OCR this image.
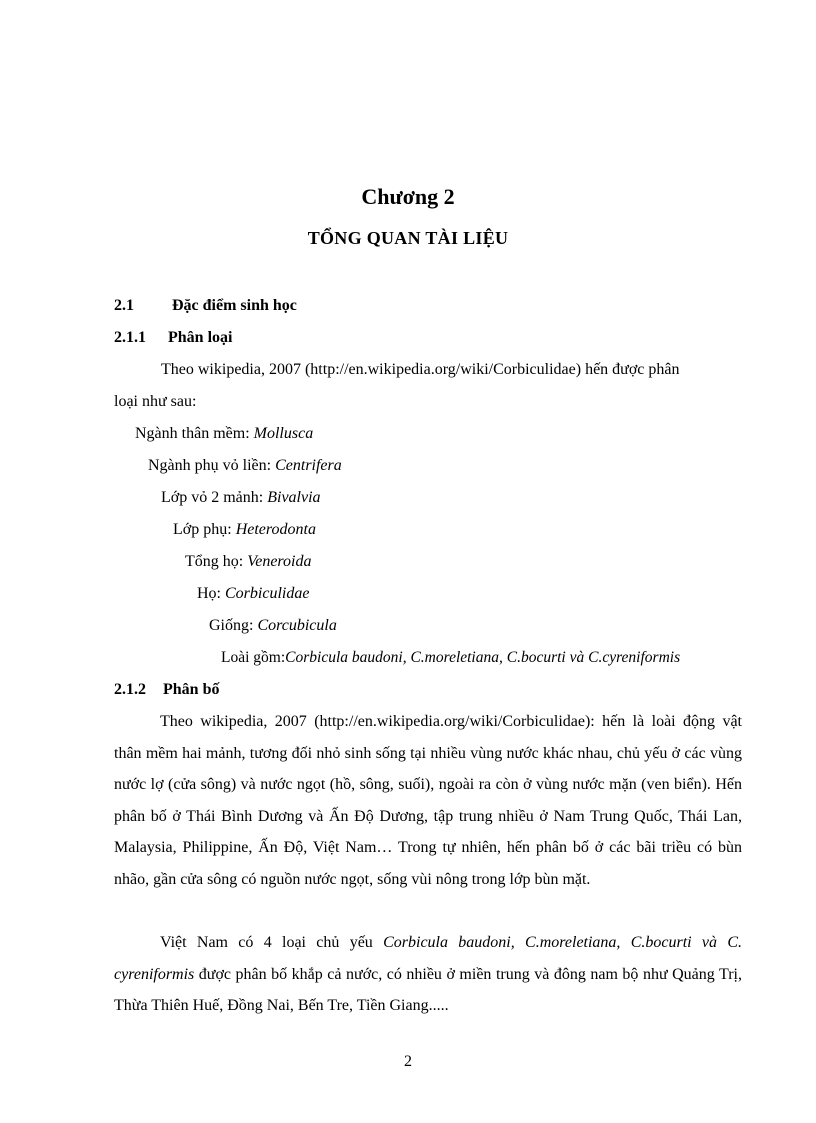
Chương 2
TỔNG QUAN TÀI LIỆU
2.1 Đặc điểm sinh học
2.1.1 Phân loại
Theo wikipedia, 2007 (http://en.wikipedia.org/wiki/Corbiculidae) hến được phân
loại như sau:
Ngành thân mềm: Mollusca
Ngành phụ vỏ liền: Centrifera
Lớp vỏ 2 mảnh: Bivalvia
Lớp phụ: Heterodonta
Tổng họ: Veneroida
Họ: Corbiculidae
Giống: Corcubicula
Loài gồm:Corbicula baudoni, C.moreletiana, C.bocurti và C.cyreniformis
2.1.2 Phân bố
Theo wikipedia, 2007 (http://en.wikipedia.org/wiki/Corbiculidae): hến là loài động vật thân mềm hai mảnh, tương đối nhỏ sinh sống tại nhiều vùng nước khác nhau, chủ yếu ở các vùng nước lợ (cửa sông) và nước ngọt (hồ, sông, suối), ngoài ra còn ở vùng nước mặn (ven biển). Hến phân bố ở Thái Bình Dương và Ấn Độ Dương, tập trung nhiều ở Nam Trung Quốc, Thái Lan, Malaysia, Philippine, Ấn Độ, Việt Nam… Trong tự nhiên, hến phân bố ở các bãi triều có bùn nhão, gần cửa sông có nguồn nước ngọt, sống vùi nông trong lớp bùn mặt.
Việt Nam có 4 loại chủ yếu Corbicula baudoni, C.moreletiana, C.bocurti và C. cyreniformis được phân bố khắp cả nước, có nhiều ở miền trung và đông nam bộ như Quảng Trị, Thừa Thiên Huế, Đồng Nai, Bến Tre, Tiền Giang.....
2
